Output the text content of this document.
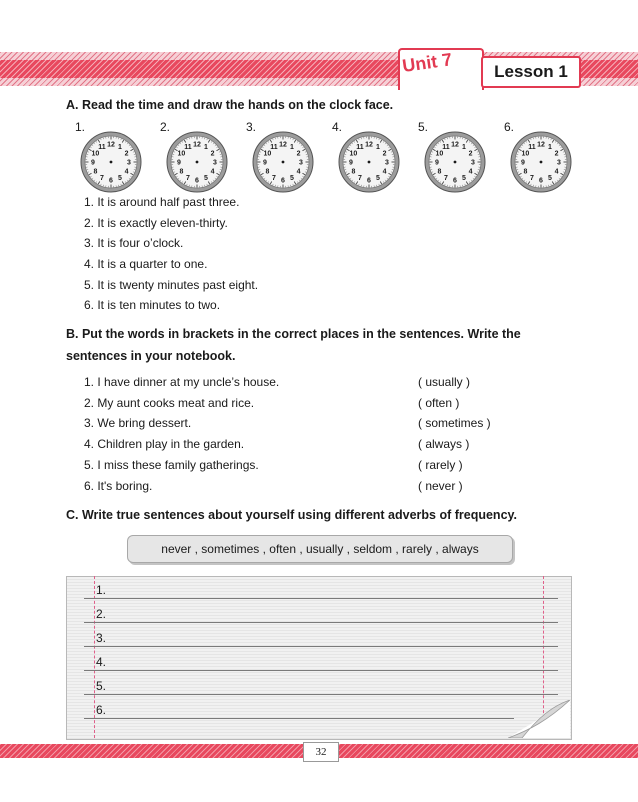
Unit 7	Lesson 1
A. Read the time and draw the hands on the clock face.
1.	2.	3.	4.	5.	6.
12 1
2
3
4
5
6
7
8
9
10
11	12 1
2
3
4
5
6
7
8
9
10
11	12 1
2
3
4
5
6
7
8
9
10
11	12 1
2
3
4
5
6
7
8
9
10
11	12 1
2
3
4
5
6
7
8
9
10
11	12 1
2
3
4
5
6
7
8
9
10
11
1. It is around half past three.
2. It is exactly eleven-thirty.
3. It is four o’clock.
4. It is a quarter to one.
5. It is twenty minutes past eight.
6. It is ten minutes to two.
B. Put the words in brackets in the correct places in the sentences. Write the
sentences in your notebook.
1. I have dinner at my uncle’s house.	( usually )
2. My aunt cooks meat and rice.	( often )
3. We bring dessert.	( sometimes )
4. Children play in the garden.	( always )
5. I miss these family gatherings.	( rarely )
6. It's boring.	( never )
C. Write true sentences about yourself using different adverbs of frequency.
never , sometimes , often , usually , seldom , rarely , always
1.
2.
3.
4.
5.
6.
32
